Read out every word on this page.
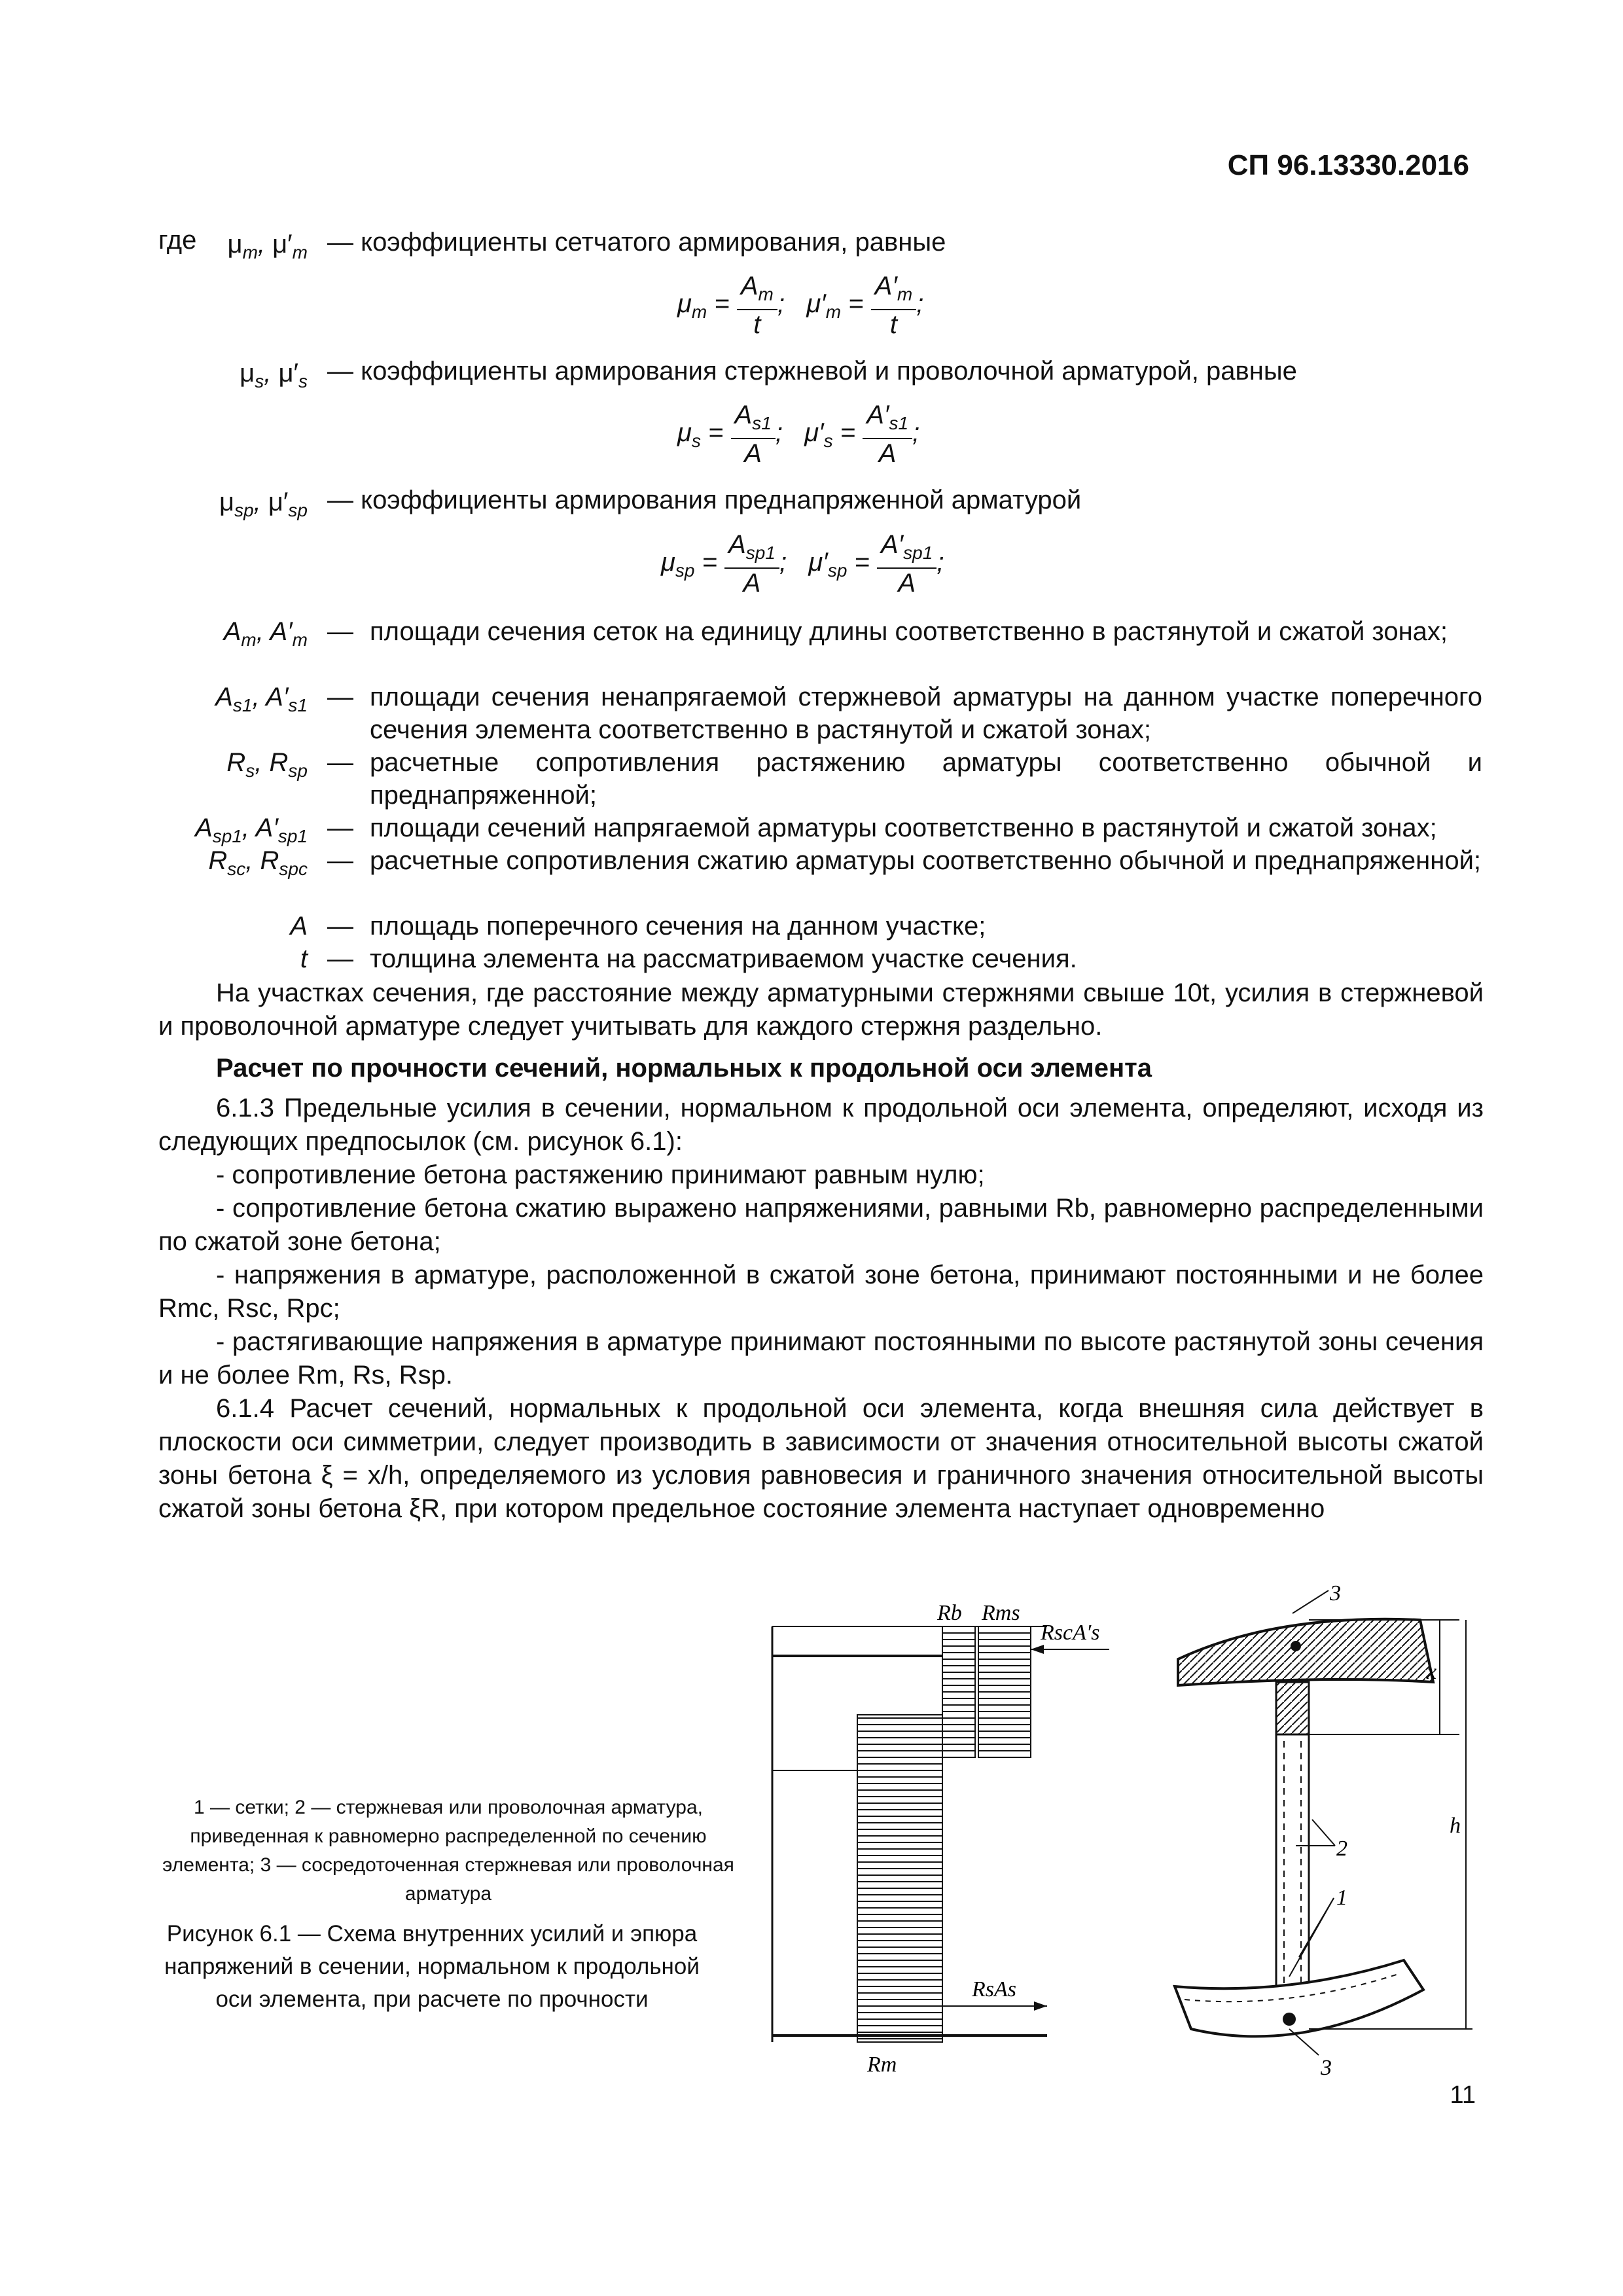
СП 96.13330.2016
где $\mu_m$, $\mu'_m$ — коэффициенты сетчатого армирования, равные
$\mu_m = \frac{A_m}{t}$ ;   $\mu'_m = \frac{A'_m}{t}$ ;
$\mu_s$, $\mu'_s$ — коэффициенты армирования стержневой и проволочной арматурой, равные
$\mu_s = \frac{A_{s1}}{A}$ ;   $\mu'_s = \frac{A'_{s1}}{A}$ ;
$\mu_{sp}$, $\mu'_{sp}$ — коэффициенты армирования преднапряженной арматурой
$\mu_{sp} = \frac{A_{sp1}}{A}$ ;   $\mu'_{sp} = \frac{A'_{sp1}}{A}$ ;
$A_m$, $A'_m$ — площади сечения сеток на единицу длины соответственно в растянутой и сжатой зонах;
$A_{s1}$, $A'_{s1}$ — площади сечения ненапрягаемой стержневой арматуры на данном участке поперечного сечения элемента соответственно в растянутой и сжатой зонах;
$R_s$, $R_{sp}$ — расчетные сопротивления растяжению арматуры соответственно обычной и преднапряженной;
$A_{sp1}$, $A'_{sp1}$ — площади сечений напрягаемой арматуры соответственно в растянутой и сжатой зонах;
$R_{sc}$, $R_{spc}$ — расчетные сопротивления сжатию арматуры соответственно обычной и преднапряженной;
A — площадь поперечного сечения на данном участке;
t — толщина элемента на рассматриваемом участке сечения.
На участках сечения, где расстояние между арматурными стержнями свыше 10t, усилия в стержневой и проволочной арматуре следует учитывать для каждого стержня раздельно.
Расчет по прочности сечений, нормальных к продольной оси элемента
6.1.3 Предельные усилия в сечении, нормальном к продольной оси элемента, определяют, исходя из следующих предпосылок (см. рисунок 6.1):
- сопротивление бетона растяжению принимают равным нулю;
- сопротивление бетона сжатию выражено напряжениями, равными Rb, равномерно распределенными по сжатой зоне бетона;
- напряжения в арматуре, расположенной в сжатой зоне бетона, принимают постоянными и не более Rmc, Rsc, Rpc;
- растягивающие напряжения в арматуре принимают постоянными по высоте растянутой зоны сечения и не более Rm, Rs, Rsp.
6.1.4 Расчет сечений, нормальных к продольной оси элемента, когда внешняя сила действует в плоскости оси симметрии, следует производить в зависимости от значения относительной высоты сжатой зоны бетона ξ = x/h, определяемого из условия равновесия и граничного значения относительной высоты сжатой зоны бетона ξR, при котором предельное состояние элемента наступает одновременно
1 — сетки; 2 — стержневая или проволочная арматура, приведенная к равномерно распределенной по сечению элемента; 3 — сосредоточенная стержневая или проволочная арматура
Рисунок 6.1 — Схема внутренних усилий и эпюра напряжений в сечении, нормальном к продольной оси элемента, при расчете по прочности
Rb Rms
RscA′s
RsAs
Rm
x
h
2
1
3
3
11
